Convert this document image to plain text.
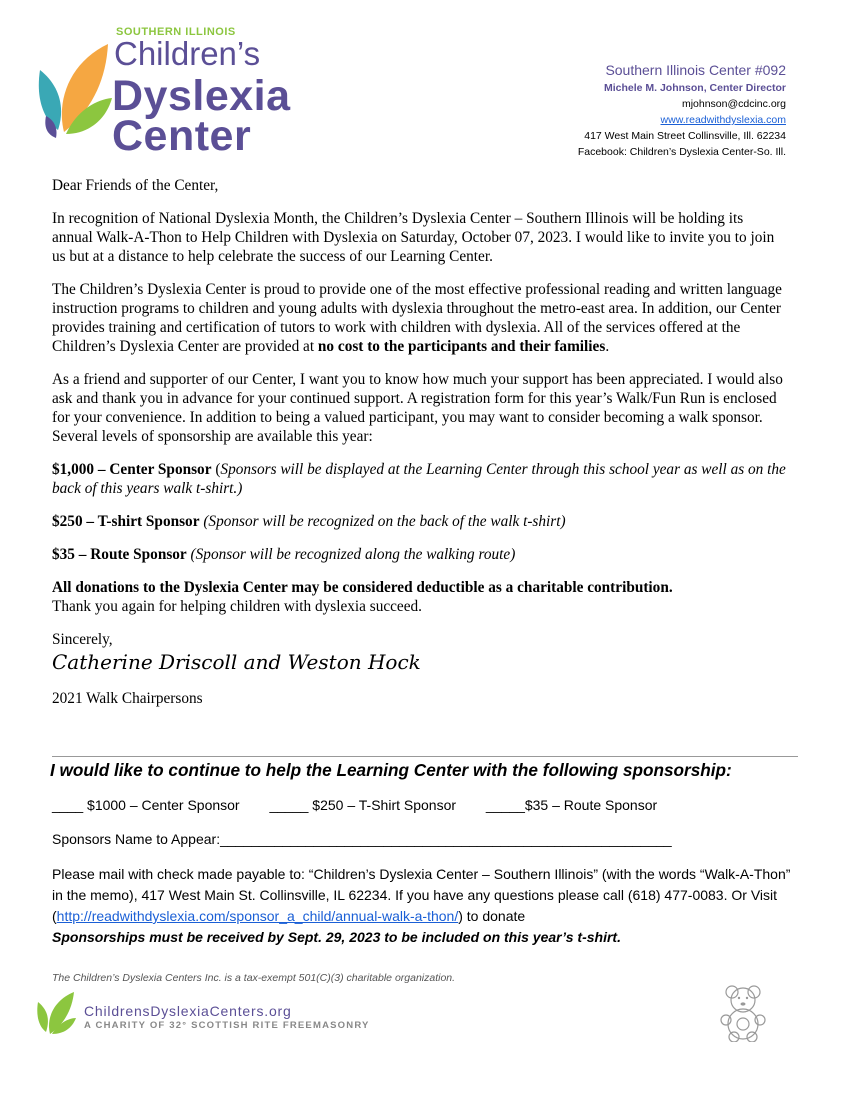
SOUTHERN ILLINOIS
Children’s
Dyslexia
Center
Southern Illinois Center #092
Michele M. Johnson, Center Director
mjohnson@cdcinc.org
www.readwithdyslexia.com
417 West Main Street Collinsville, Ill. 62234
Facebook: Children’s Dyslexia Center-So. Ill.

Dear Friends of the Center,

In recognition of National Dyslexia Month, the Children’s Dyslexia Center – Southern Illinois will be holding its annual Walk-A-Thon to Help Children with Dyslexia on Saturday, October 07, 2023. I would like to invite you to join us but at a distance to help celebrate the success of our Learning Center.

The Children’s Dyslexia Center is proud to provide one of the most effective professional reading and written language instruction programs to children and young adults with dyslexia throughout the metro-east area. In addition, our Center provides training and certification of tutors to work with children with dyslexia. All of the services offered at the Children’s Dyslexia Center are provided at no cost to the participants and their families.

As a friend and supporter of our Center, I want you to know how much your support has been appreciated. I would also ask and thank you in advance for your continued support. A registration form for this year’s Walk/Fun Run is enclosed for your convenience. In addition to being a valued participant, you may want to consider becoming a walk sponsor. Several levels of sponsorship are available this year:

$1,000 – Center Sponsor (Sponsors will be displayed at the Learning Center through this school year as well as on the back of this years walk t-shirt.)

$250 – T-shirt Sponsor (Sponsor will be recognized on the back of the walk t-shirt)

$35 – Route Sponsor (Sponsor will be recognized along the walking route)

All donations to the Dyslexia Center may be considered deductible as a charitable contribution.
Thank you again for helping children with dyslexia succeed.

Sincerely,
Catherine Driscoll and Weston Hock
2021 Walk Chairpersons
I would like to continue to help the Learning Center with the following sponsorship:
____ $1000 – Center Sponsor _____ $250 – T-Shirt Sponsor _____$35 – Route Sponsor
Sponsors Name to Appear:__________________________________________________________
Please mail with check made payable to: “Children’s Dyslexia Center – Southern Illinois” (with the words “Walk-A-Thon” in the memo), 417 West Main St. Collinsville, IL 62234. If you have any questions please call (618) 477-0083. Or Visit (http://readwithdyslexia.com/sponsor_a_child/annual-walk-a-thon/) to donate
Sponsorships must be received by Sept. 29, 2023 to be included on this year’s t-shirt.
The Children’s Dyslexia Centers Inc. is a tax-exempt 501(C)(3) charitable organization.
ChildrensDyslexiaCenters.org
A CHARITY OF 32° SCOTTISH RITE FREEMASONRY
